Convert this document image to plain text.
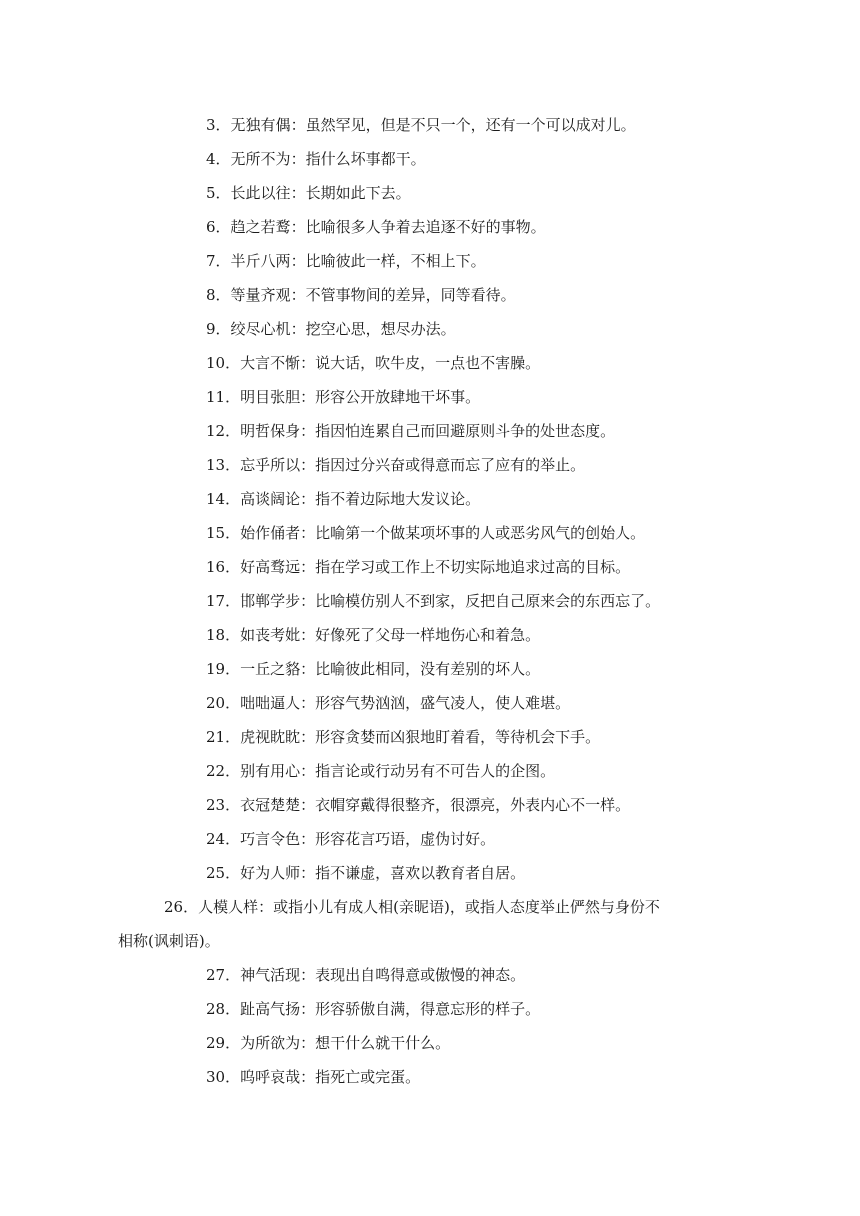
3．无独有偶：虽然罕见，但是不只一个，还有一个可以成对儿。
4．无所不为：指什么坏事都干。
5．长此以往：长期如此下去。
6．趋之若鹜：比喻很多人争着去追逐不好的事物。
7．半斤八两：比喻彼此一样，不相上下。
8．等量齐观：不管事物间的差异，同等看待。
9．绞尽心机：挖空心思，想尽办法。
10．大言不惭：说大话，吹牛皮，一点也不害臊。
11．明目张胆：形容公开放肆地干坏事。
12．明哲保身：指因怕连累自己而回避原则斗争的处世态度。
13．忘乎所以：指因过分兴奋或得意而忘了应有的举止。
14．高谈阔论：指不着边际地大发议论。
15．始作俑者：比喻第一个做某项坏事的人或恶劣风气的创始人。
16．好高骛远：指在学习或工作上不切实际地追求过高的目标。
17．邯郸学步：比喻模仿别人不到家，反把自己原来会的东西忘了。
18．如丧考妣：好像死了父母一样地伤心和着急。
19．一丘之貉：比喻彼此相同，没有差别的坏人。
20．咄咄逼人：形容气势汹汹，盛气凌人，使人难堪。
21．虎视眈眈：形容贪婪而凶狠地盯着看，等待机会下手。
22．别有用心：指言论或行动另有不可告人的企图。
23．衣冠楚楚：衣帽穿戴得很整齐，很漂亮，外表内心不一样。
24．巧言令色：形容花言巧语，虚伪讨好。
25．好为人师：指不谦虚，喜欢以教育者自居。
26．人模人样：或指小儿有成人相(亲昵语)，或指人态度举止俨然与身份不
相称(讽刺语)。
27．神气活现：表现出自鸣得意或傲慢的神态。
28．趾高气扬：形容骄傲自满，得意忘形的样子。
29．为所欲为：想干什么就干什么。
30．呜呼哀哉：指死亡或完蛋。
